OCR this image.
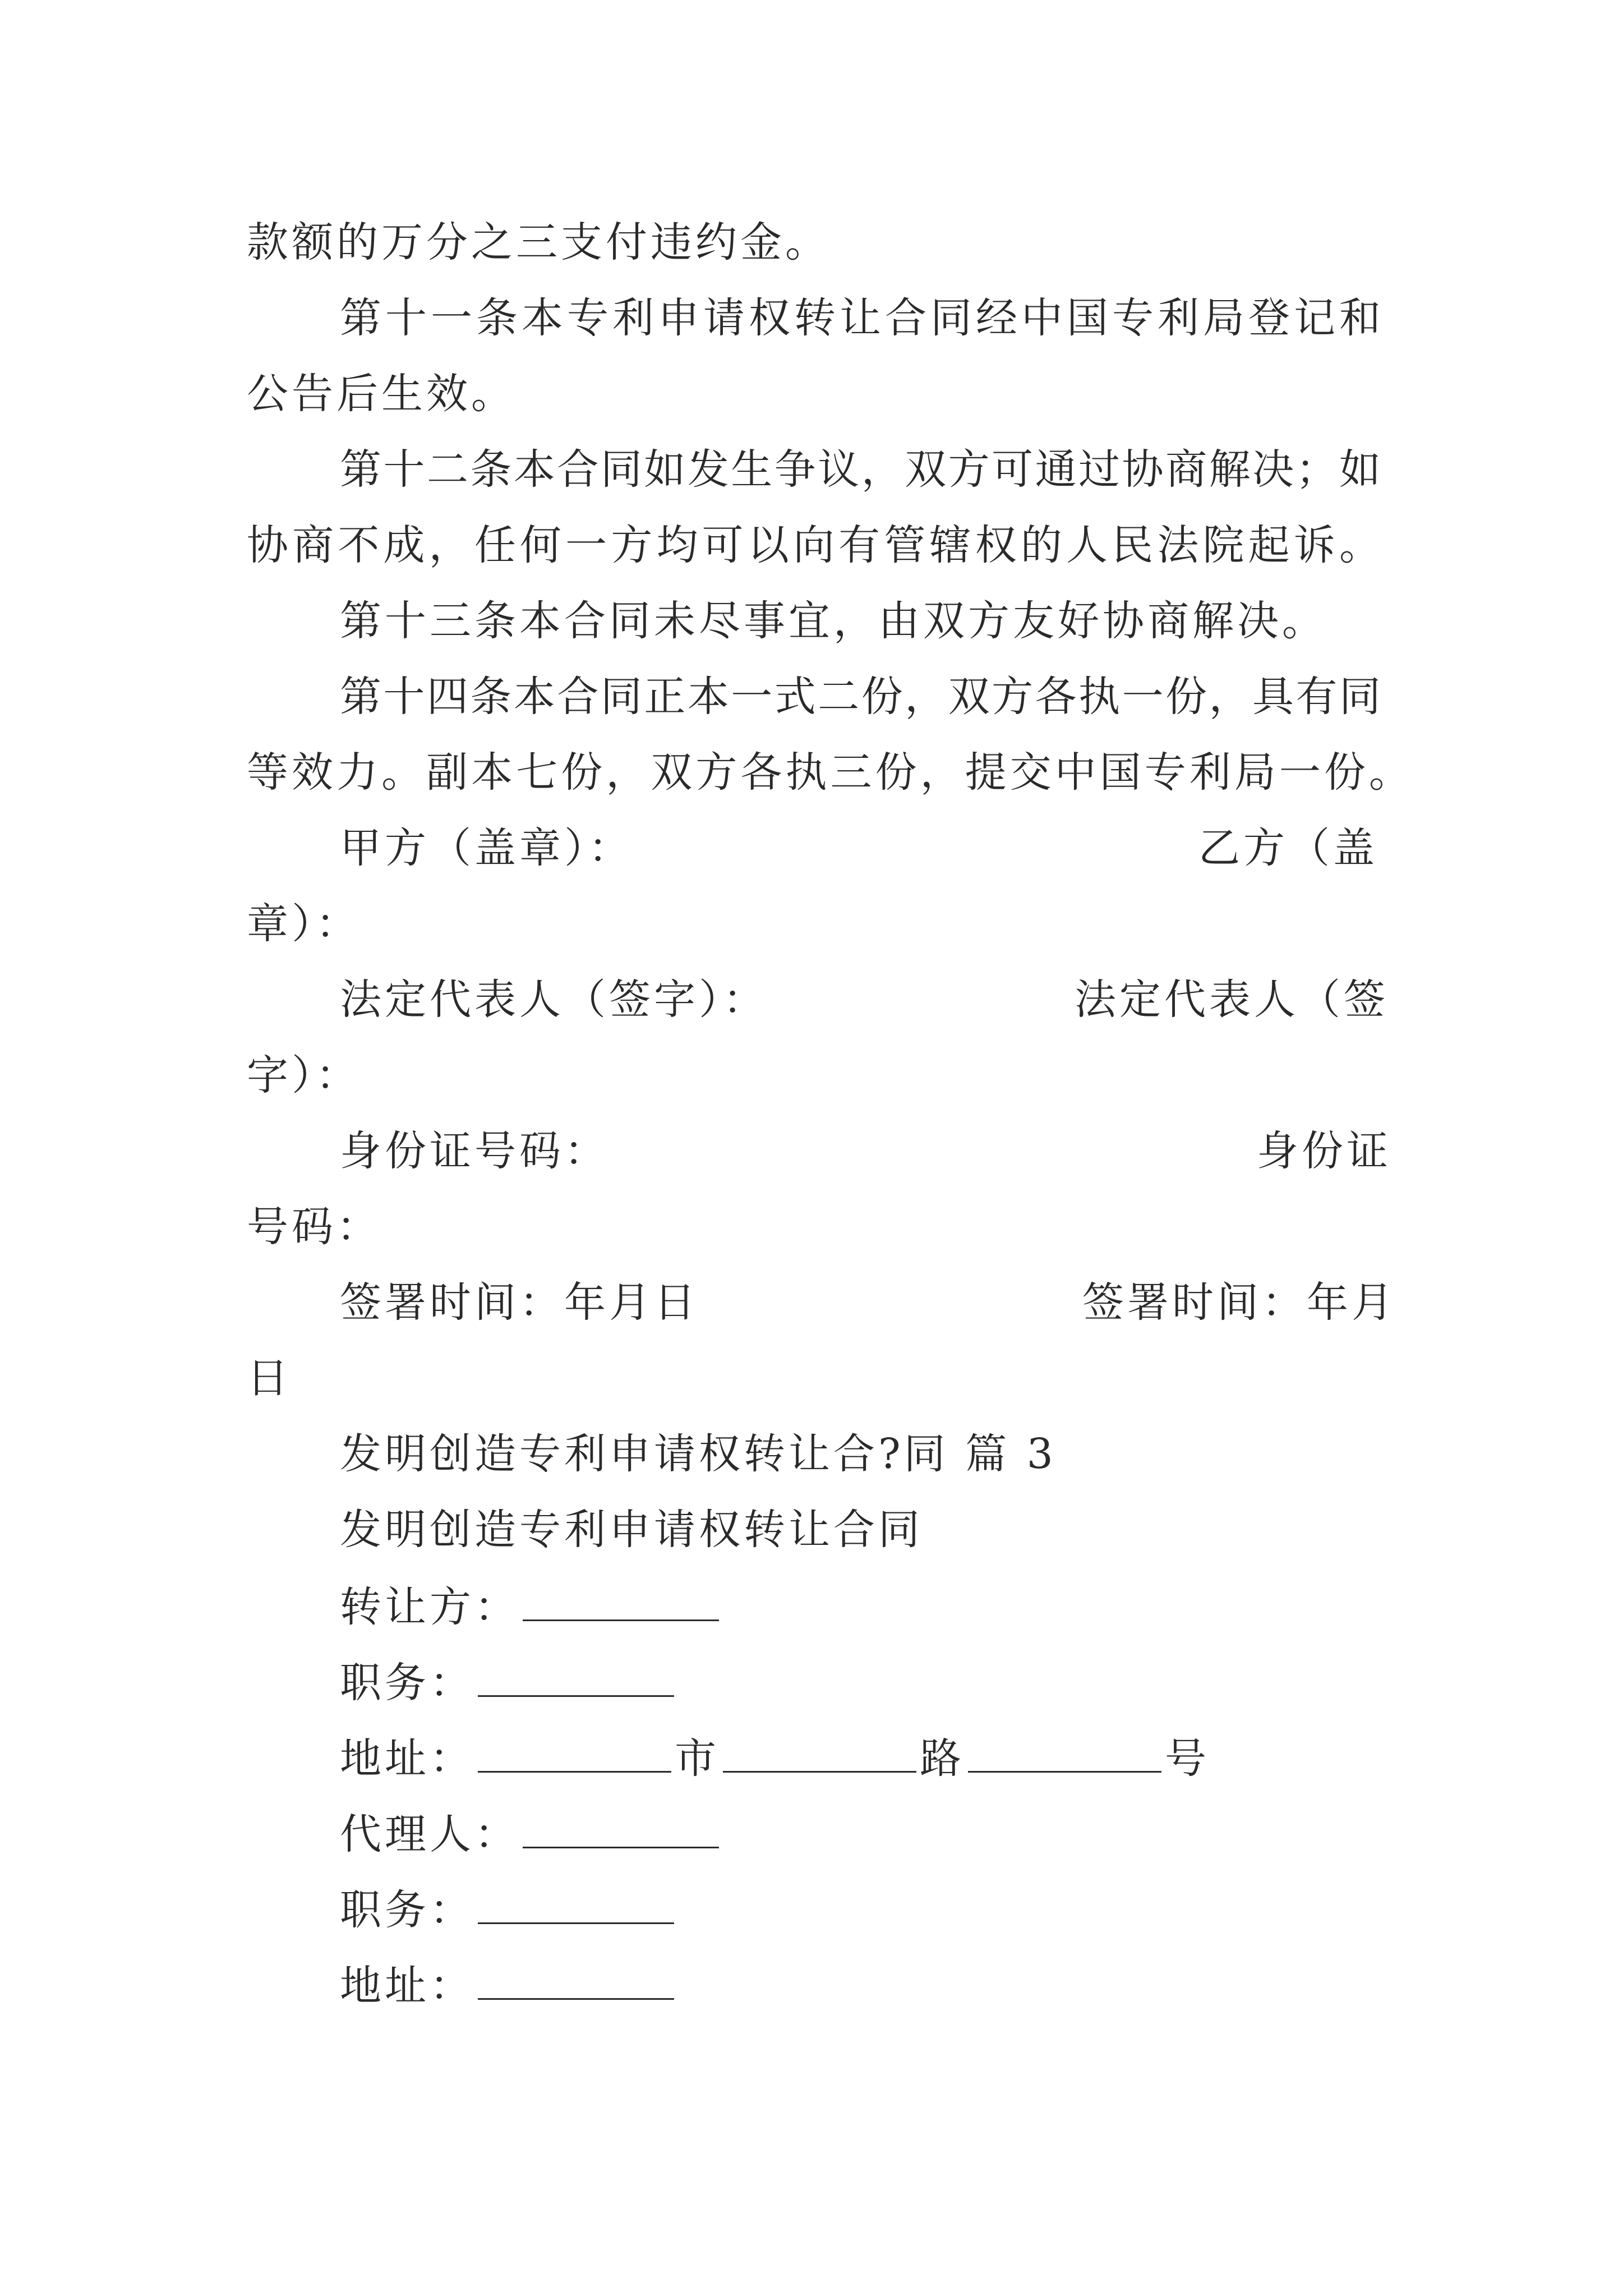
款额的万分之三支付违约金。
第十一条本专利申请权转让合同经中国专利局登记和
公告后生效。
第十二条本合同如发生争议，双方可通过协商解决；如
协商不成，任何一方均可以向有管辖权的人民法院起诉。
第十三条本合同未尽事宜，由双方友好协商解决。
第十四条本合同正本一式二份，双方各执一份，具有同
等效力。副本七份，双方各执三份，提交中国专利局一份。
甲方（盖章）：	乙方（盖
章）：
法定代表人（签字）：	法定代表人（签
字）：
身份证号码：	身份证
号码：
签署时间：年月日	签署时间：年月
日
发明创造专利申请权转让合?同 篇 3
发明创造专利申请权转让合同
转让方：
职务：
地址：	市	路	号
代理人：
职务：
地址：
